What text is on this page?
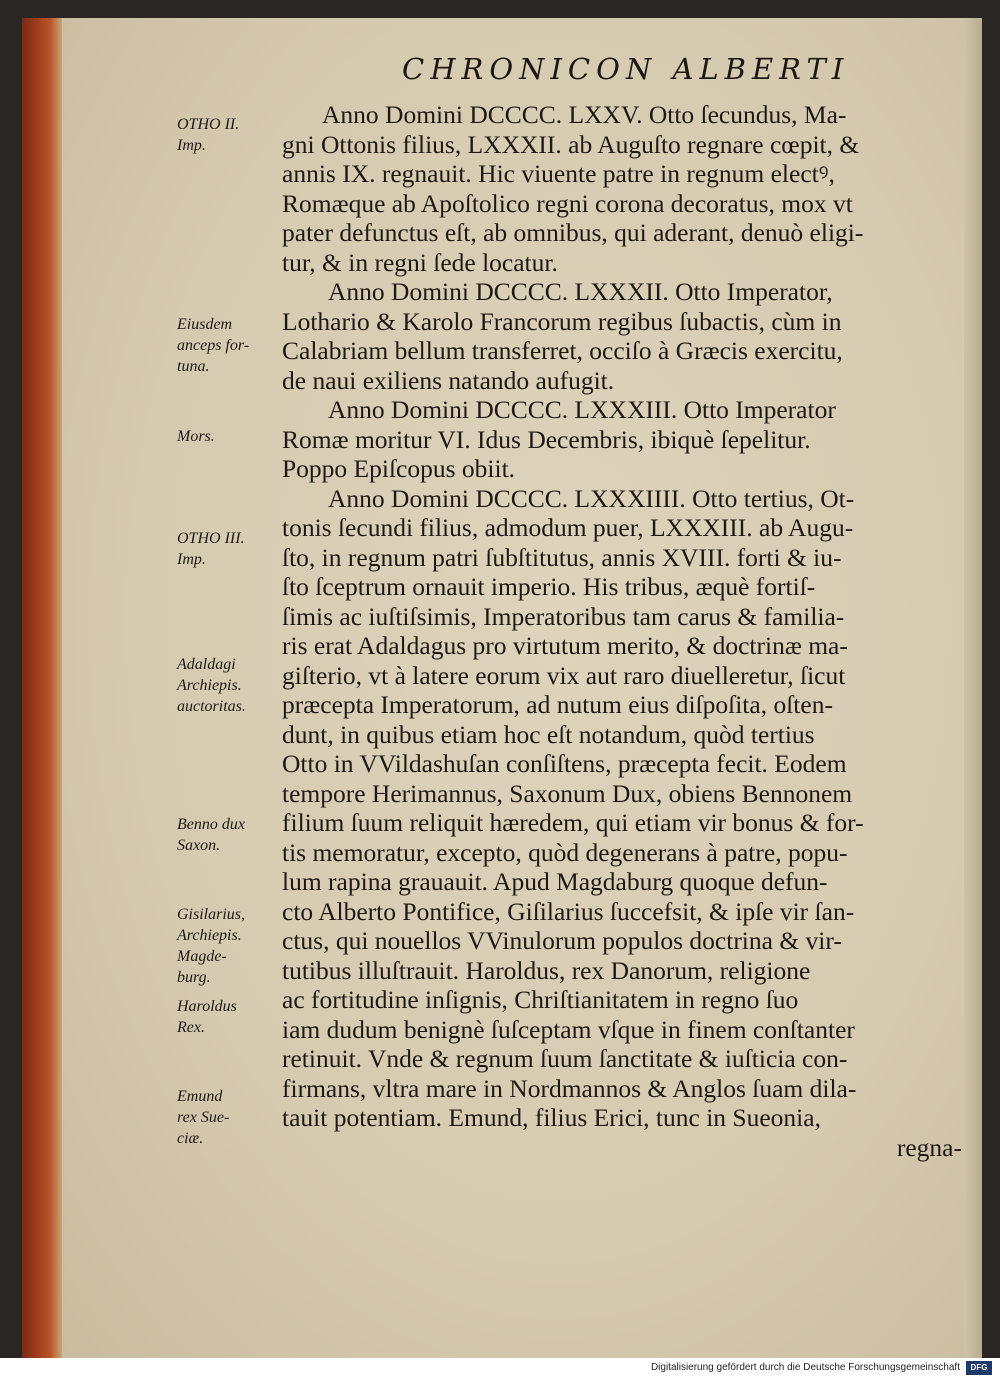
CHRONICON ALBERTI
OTHO II.
Imp.
Eiusdem
anceps for-
tuna.
Mors.
OTHO III.
Imp.
Adaldagi
Archiepis.
auctoritas.
Benno dux
Saxon.
Gisilarius,
Archiepis.
Magde-
burg.
Haroldus
Rex.
Emund
rex Sue-
ciæ.
Anno Domini DCCCC. LXXV. Otto ſecundus, Ma-
gni Ottonis filius, LXXXII. ab Auguſto regnare cœpit, &
annis IX. regnauit. Hic viuente patre in regnum electꝰ,
Romæque ab Apoſtolico regni corona decoratus, mox vt
pater defunctus eſt, ab omnibus, qui aderant, denuò eligi-
tur, & in regni ſede locatur.
Anno Domini DCCCC. LXXXII. Otto Imperator,
Lothario & Karolo Francorum regibus ſubactis, cùm in
Calabriam bellum transferret, occiſo à Græcis exercitu,
de naui exiliens natando aufugit.
Anno Domini DCCCC. LXXXIII. Otto Imperator
Romæ moritur VI. Idus Decembris, ibiquè ſepelitur.
Poppo Epiſcopus obiit.
Anno Domini DCCCC. LXXXIIII. Otto tertius, Ot-
tonis ſecundi filius, admodum puer, LXXXIII. ab Augu-
ſto, in regnum patri ſubſtitutus, annis XVIII. forti & iu-
ſto ſceptrum ornauit imperio. His tribus, æquè fortiſ-
ſimis ac iuſtiſsimis, Imperatoribus tam carus & familia-
ris erat Adaldagus pro virtutum merito, & doctrinæ ma-
giſterio, vt à latere eorum vix aut raro diuelleretur, ſicut
præcepta Imperatorum, ad nutum eius diſpoſita, oſten-
dunt, in quibus etiam hoc eſt notandum, quòd tertius
Otto in VVildashuſan conſiſtens, præcepta fecit. Eodem
tempore Herimannus, Saxonum Dux, obiens Bennonem
filium ſuum reliquit hæredem, qui etiam vir bonus & for-
tis memoratur, excepto, quòd degenerans à patre, popu-
lum rapina grauauit. Apud Magdaburg quoque defun-
cto Alberto Pontifice, Giſilarius ſuccefsit, & ipſe vir ſan-
ctus, qui nouellos VVinulorum populos doctrina & vir-
tutibus illuſtrauit. Haroldus, rex Danorum, religione
ac fortitudine inſignis, Chriſtianitatem in regno ſuo
iam dudum benignè ſuſceptam vſque in finem conſtanter
retinuit. Vnde & regnum ſuum ſanctitate & iuſticia con-
firmans, vltra mare in Nordmannos & Anglos ſuam dila-
tauit potentiam. Emund, filius Erici, tunc in Sueonia,
regna-
Digitalisierung gefördert durch die Deutsche Forschungsgemeinschaft	DFG
